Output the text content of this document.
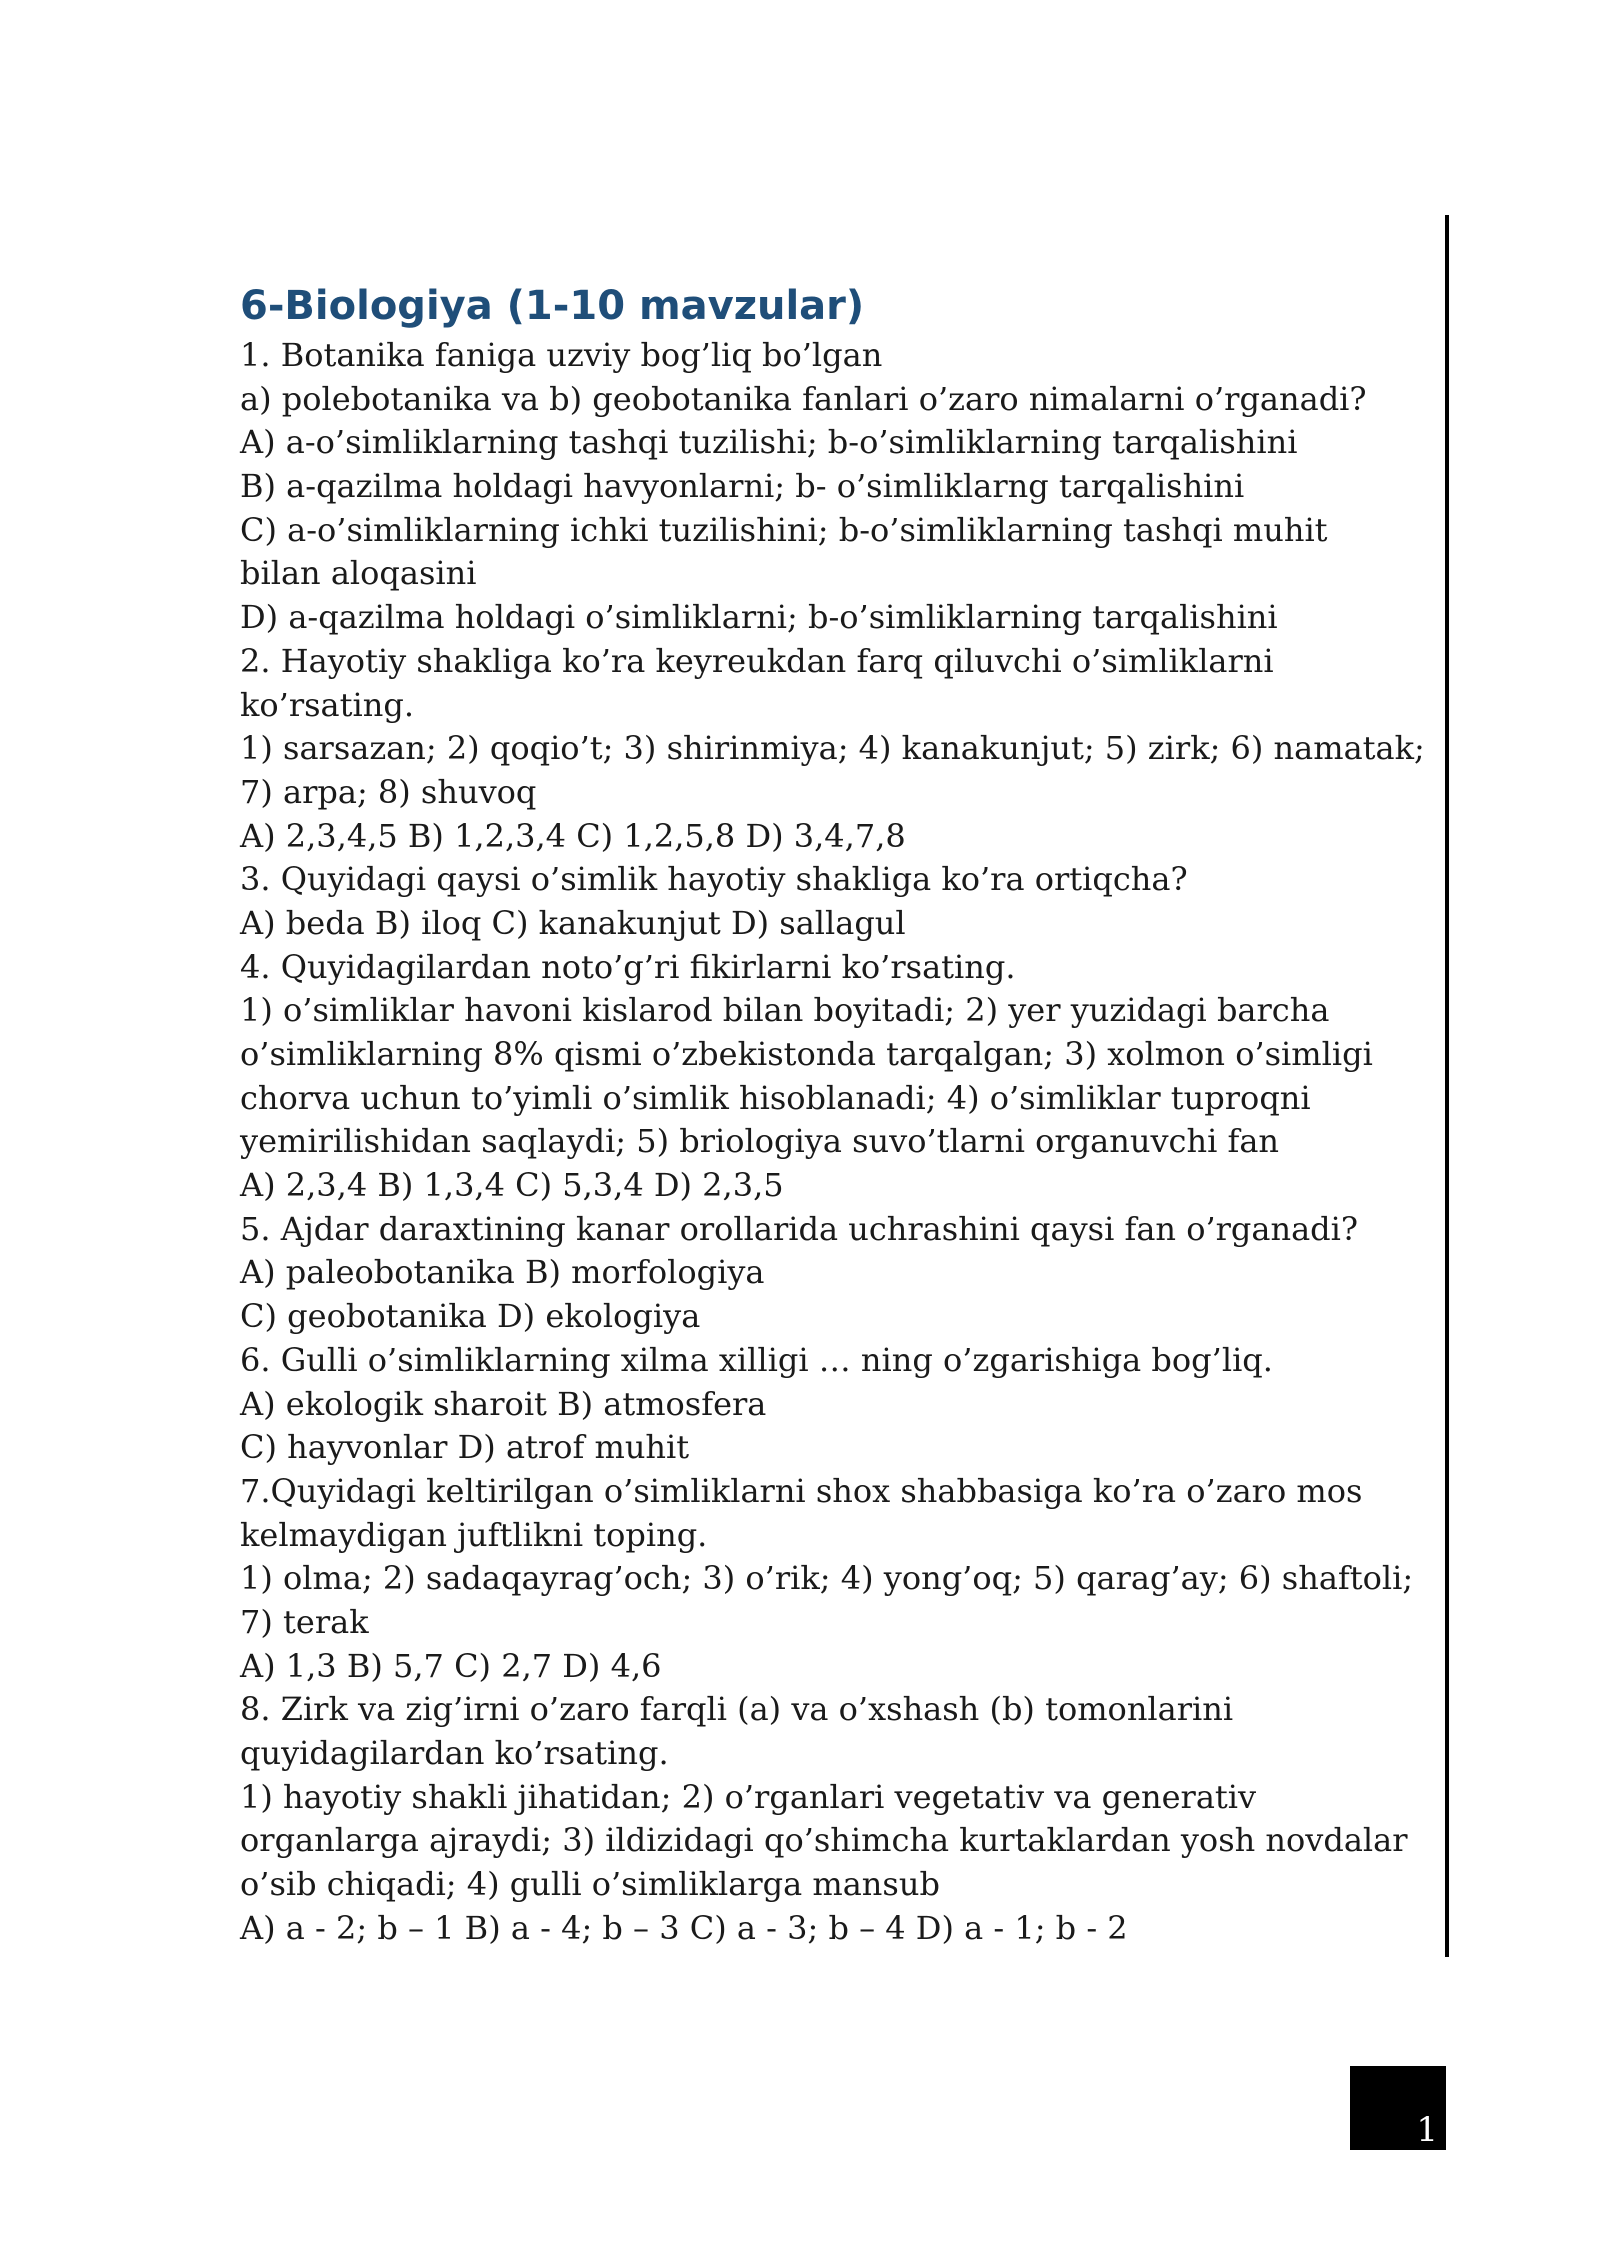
6-Biologiya (1-10 mavzular)
1. Botanika faniga uzviy bog’liq bo’lgan
a) polebotanika va b) geobotanika fanlari o’zaro nimalarni o’rganadi?
A) a-o’simliklarning tashqi tuzilishi; b-o’simliklarning tarqalishini
B) a-qazilma holdagi havyonlarni; b- o’simliklarng tarqalishini
C) a-o’simliklarning ichki tuzilishini; b-o’simliklarning tashqi muhit
bilan aloqasini
D) a-qazilma holdagi o’simliklarni; b-o’simliklarning tarqalishini
2. Hayotiy shakliga ko’ra keyreukdan farq qiluvchi o’simliklarni
ko’rsating.
1) sarsazan; 2) qoqio’t; 3) shirinmiya; 4) kanakunjut; 5) zirk; 6) namatak;
7) arpa; 8) shuvoq
A) 2,3,4,5 B) 1,2,3,4 C) 1,2,5,8 D) 3,4,7,8
3. Quyidagi qaysi o’simlik hayotiy shakliga ko’ra ortiqcha?
A) beda B) iloq C) kanakunjut D) sallagul
4. Quyidagilardan noto’g’ri fikirlarni ko’rsating.
1) o’simliklar havoni kislarod bilan boyitadi; 2) yer yuzidagi barcha
o’simliklarning 8% qismi o’zbekistonda tarqalgan; 3) xolmon o’simligi
chorva uchun to’yimli o’simlik hisoblanadi; 4) o’simliklar tuproqni
yemirilishidan saqlaydi; 5) briologiya suvo’tlarni organuvchi fan
A) 2,3,4 B) 1,3,4 C) 5,3,4 D) 2,3,5
5. Ajdar daraxtining kanar orollarida uchrashini qaysi fan o’rganadi?
A) paleobotanika B) morfologiya
C) geobotanika D) ekologiya
6. Gulli o’simliklarning xilma xilligi … ning o’zgarishiga bog’liq.
A) ekologik sharoit B) atmosfera
C) hayvonlar D) atrof muhit
7.Quyidagi keltirilgan o’simliklarni shox shabbasiga ko’ra o’zaro mos
kelmaydigan juftlikni toping.
1) olma; 2) sadaqayrag’och; 3) o’rik; 4) yong’oq; 5) qarag’ay; 6) shaftoli;
7) terak
A) 1,3 B) 5,7 C) 2,7 D) 4,6
8. Zirk va zig’irni o’zaro farqli (a) va o’xshash (b) tomonlarini
quyidagilardan ko’rsating.
1) hayotiy shakli jihatidan; 2) o’rganlari vegetativ va generativ
organlarga ajraydi; 3) ildizidagi qo’shimcha kurtaklardan yosh novdalar
o’sib chiqadi; 4) gulli o’simliklarga mansub
A) a - 2; b – 1 B) a - 4; b – 3 C) a - 3; b – 4 D) a - 1; b - 2
1
